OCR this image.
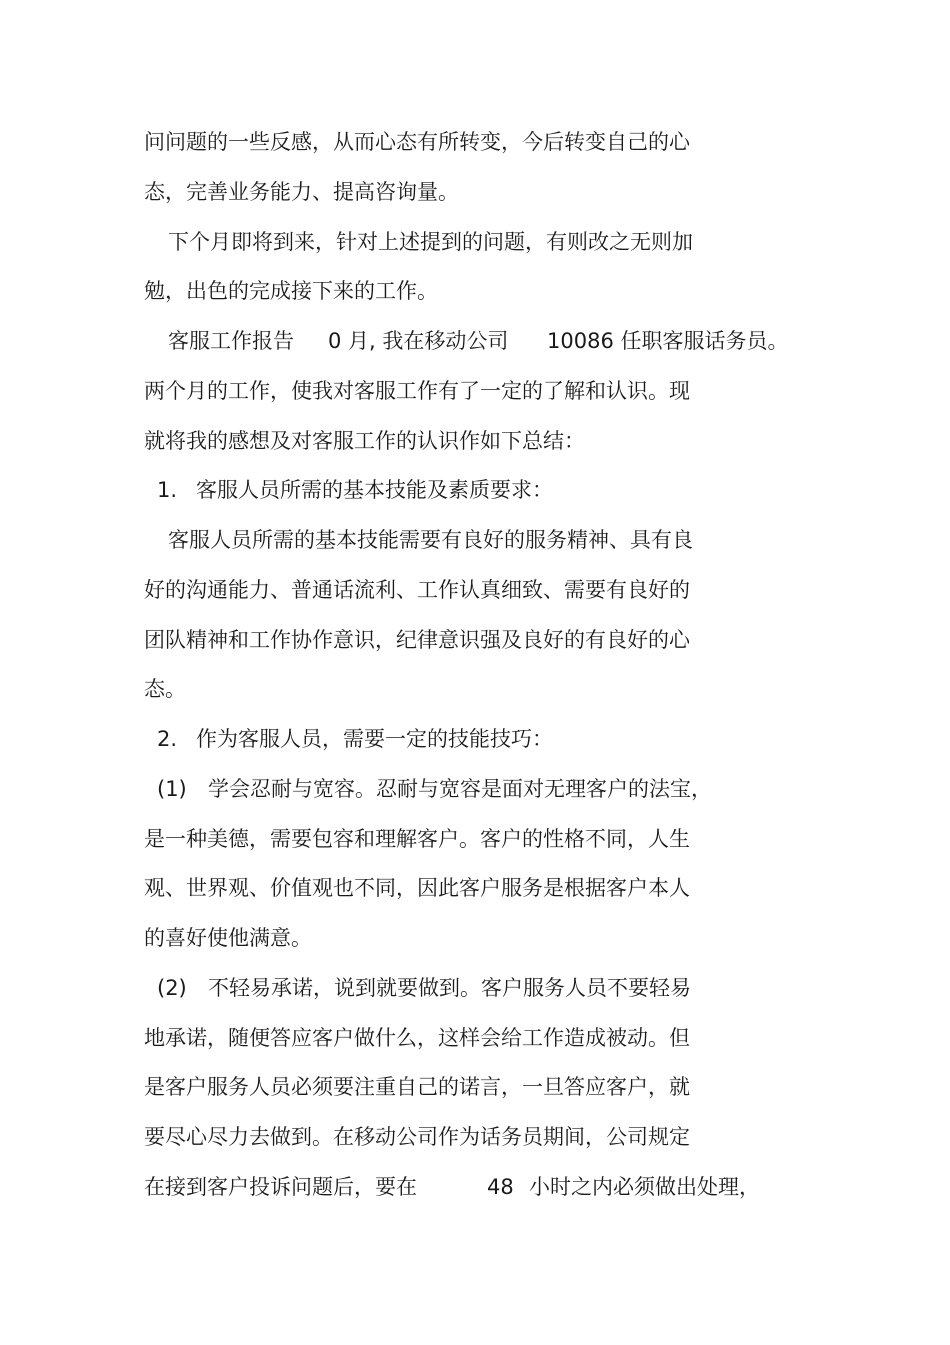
问问题的一些反感，从而心态有所转变，今后转变自己的心
态，完善业务能力、提高咨询量。
下个月即将到来，针对上述提到的问题，有则改之无则加
勉，出色的完成接下来的工作。
客服工作报告 0 月, 我在移动公司 10086 任职客服话务员。
两个月的工作，使我对客服工作有了一定的了解和认识。现
就将我的感想及对客服工作的认识作如下总结：
1. 客服人员所需的基本技能及素质要求：
客服人员所需的基本技能需要有良好的服务精神、具有良
好的沟通能力、普通话流利、工作认真细致、需要有良好的
团队精神和工作协作意识，纪律意识强及良好的有良好的心
态。
2. 作为客服人员，需要一定的技能技巧：
(1) 学会忍耐与宽容。忍耐与宽容是面对无理客户的法宝，
是一种美德，需要包容和理解客户。客户的性格不同，人生
观、世界观、价值观也不同，因此客户服务是根据客户本人
的喜好使他满意。
(2) 不轻易承诺，说到就要做到。客户服务人员不要轻易
地承诺，随便答应客户做什么，这样会给工作造成被动。但
是客户服务人员必须要注重自己的诺言，一旦答应客户，就
要尽心尽力去做到。在移动公司作为话务员期间，公司规定
在接到客户投诉问题后，要在	48 小时之内必须做出处理，
